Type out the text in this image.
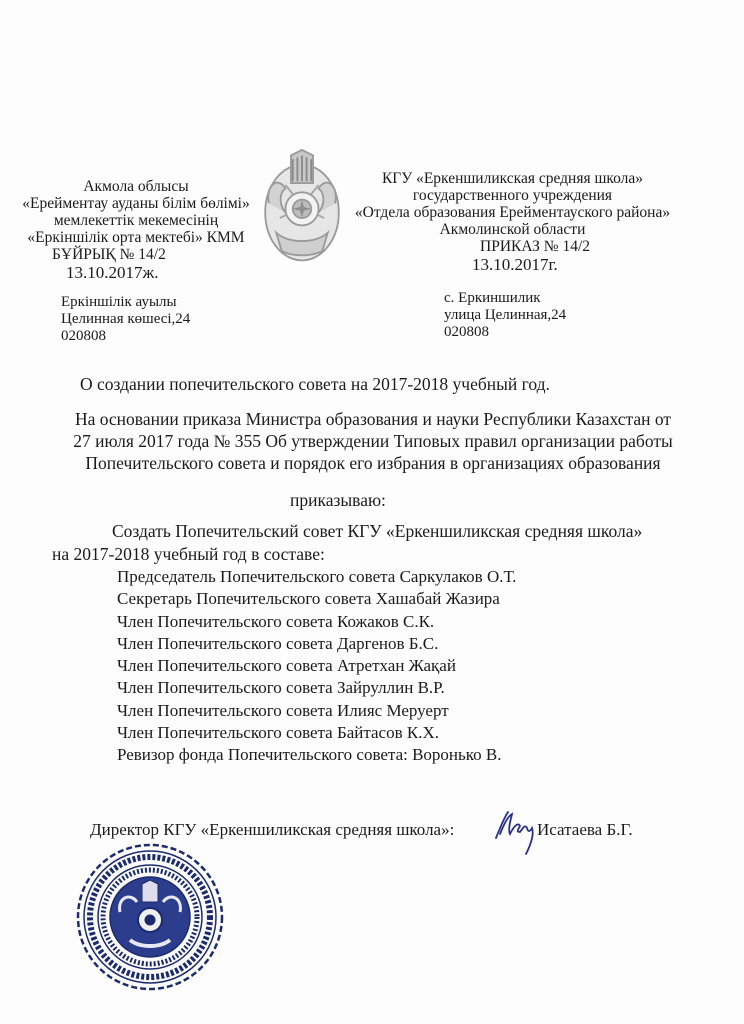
Акмола облысы
«Ерейментау ауданы білім бөлімі»
мемлекеттік мекемесінің
«Еркіншілік орта мектебі» КММ
БҰЙРЫҚ № 14/2
13.10.2017ж.
КГУ «Еркеншиликская средняя школа»
государственного учреждения
«Отдела образования Ерейментауского района»
Акмолинской области
ПРИКАЗ № 14/2
13.10.2017г.
Еркіншілік ауылы
Целинная көшесі,24
020808
с. Еркиншилик
улица Целинная,24
020808
О создании попечительского совета на 2017-2018 учебный год.
На основании приказа Министра образования и науки Республики Казахстан от
27 июля 2017 года № 355 Об утверждении Типовых правил организации работы
Попечительского совета и порядок его избрания в организациях образования
приказываю:
Создать Попечительский совет КГУ «Еркеншиликская средняя школа»
на 2017-2018 учебный год в составе:
Председатель Попечительского совета Саркулаков О.Т.
Секретарь Попечительского совета Хашабай Жазира
Член Попечительского совета Кожаков С.К.
Член Попечительского совета Даргенов Б.С.
Член Попечительского совета Атретхан Жақай
Член Попечительского совета Зайруллин В.Р.
Член Попечительского совета Илияс Меруерт
Член Попечительского совета Байтасов К.Х.
Ревизор фонда Попечительского совета: Воронько В.
Директор КГУ «Еркеншиликская средняя школа»:	Исатаева Б.Г.
